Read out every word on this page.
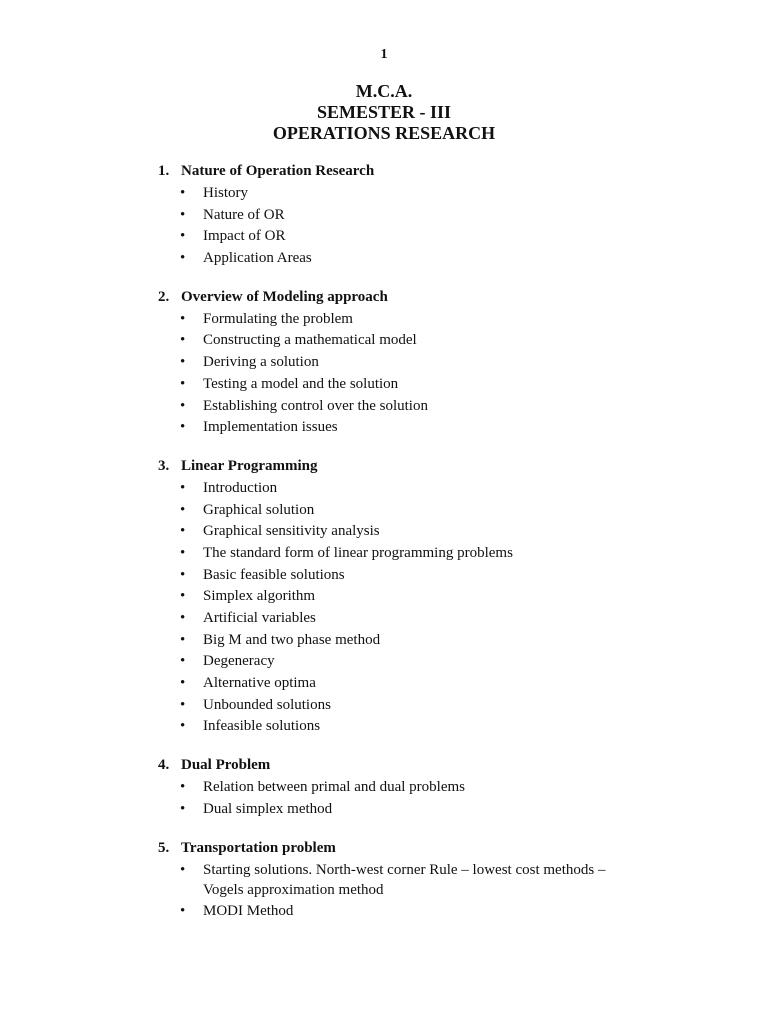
1
M.C.A.
SEMESTER - III
OPERATIONS RESEARCH
1. Nature of Operation Research
• History
• Nature of OR
• Impact of OR
• Application Areas
2. Overview of Modeling approach
• Formulating the problem
• Constructing a mathematical model
• Deriving a solution
• Testing a model and the solution
• Establishing control over the solution
• Implementation issues
3. Linear Programming
• Introduction
• Graphical solution
• Graphical sensitivity analysis
• The standard form of linear programming problems
• Basic feasible solutions
• Simplex algorithm
• Artificial variables
• Big M and two phase method
• Degeneracy
• Alternative optima
• Unbounded solutions
• Infeasible solutions
4. Dual Problem
• Relation between primal and dual problems
• Dual simplex method
5. Transportation problem
• Starting solutions. North-west corner Rule – lowest cost methods – Vogels approximation method
• MODI Method
